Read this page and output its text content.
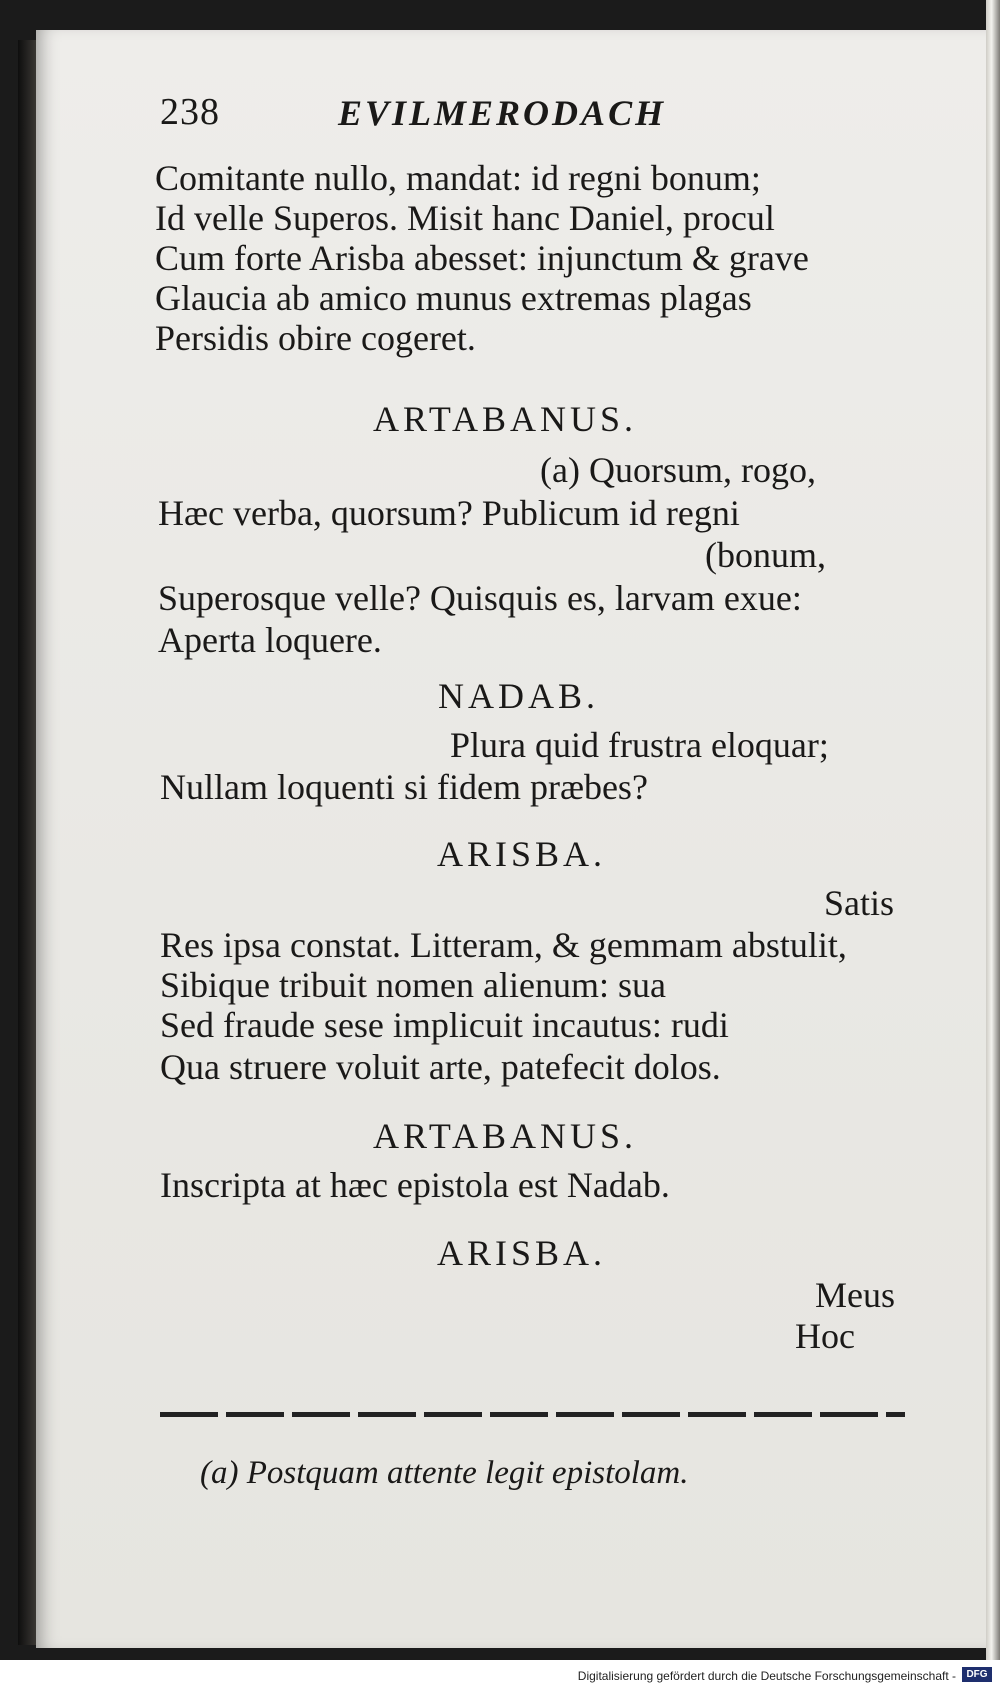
238	EVILMERODACH
Comitante nullo, mandat: id regni bonum;
Id velle Superos. Misit hanc Daniel, procul
Cum forte Arisba abesset: injunctum & grave
Glaucia ab amico munus extremas plagas
Persidis obire cogeret.
ARTABANUS.
(a) Quorsum, rogo,
Hæc verba, quorsum? Publicum id regni
(bonum,
Superosque velle? Quisquis es, larvam exue:
Aperta loquere.
NADAB.
Plura quid frustra eloquar;
Nullam loquenti si fidem præbes?
ARISBA.
Satis
Res ipsa constat. Litteram, & gemmam abstulit,
Sibique tribuit nomen alienum: sua
Sed fraude sese implicuit incautus: rudi
Qua struere voluit arte, patefecit dolos.
ARTABANUS.
Inscripta at hæc epistola est Nadab.
ARISBA.
Meus
Hoc
(a) Postquam attente legit epistolam.
Digitalisierung gefördert durch die Deutsche Forschungsgemeinschaft -	DFG
